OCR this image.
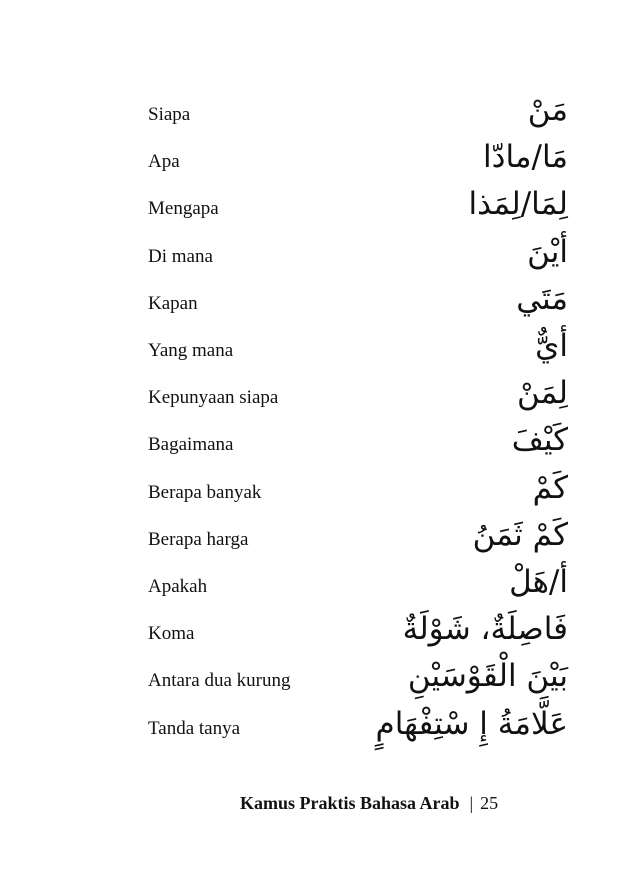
Siapa	مَنْ
Apa	مَا/مادّا
Mengapa	لِمَا/لِمَذا
Di mana	أيْنَ
Kapan	مَتَي
Yang mana	أيٌّ
Kepunyaan siapa	لِمَنْ
Bagaimana	كَيْفَ
Berapa banyak	كَمْ
Berapa harga	كَمْ ثَمَنُ
Apakah	أ/هَلْ
Koma	فَاصِلَةٌ، شَوْلَةٌ
Antara dua kurung	بَيْنَ الْقَوْسَيْنِ
Tanda tanya	عَلَّامَةُ إِ سْتِفْهَامٍ
Kamus Praktis Bahasa Arab | 25
